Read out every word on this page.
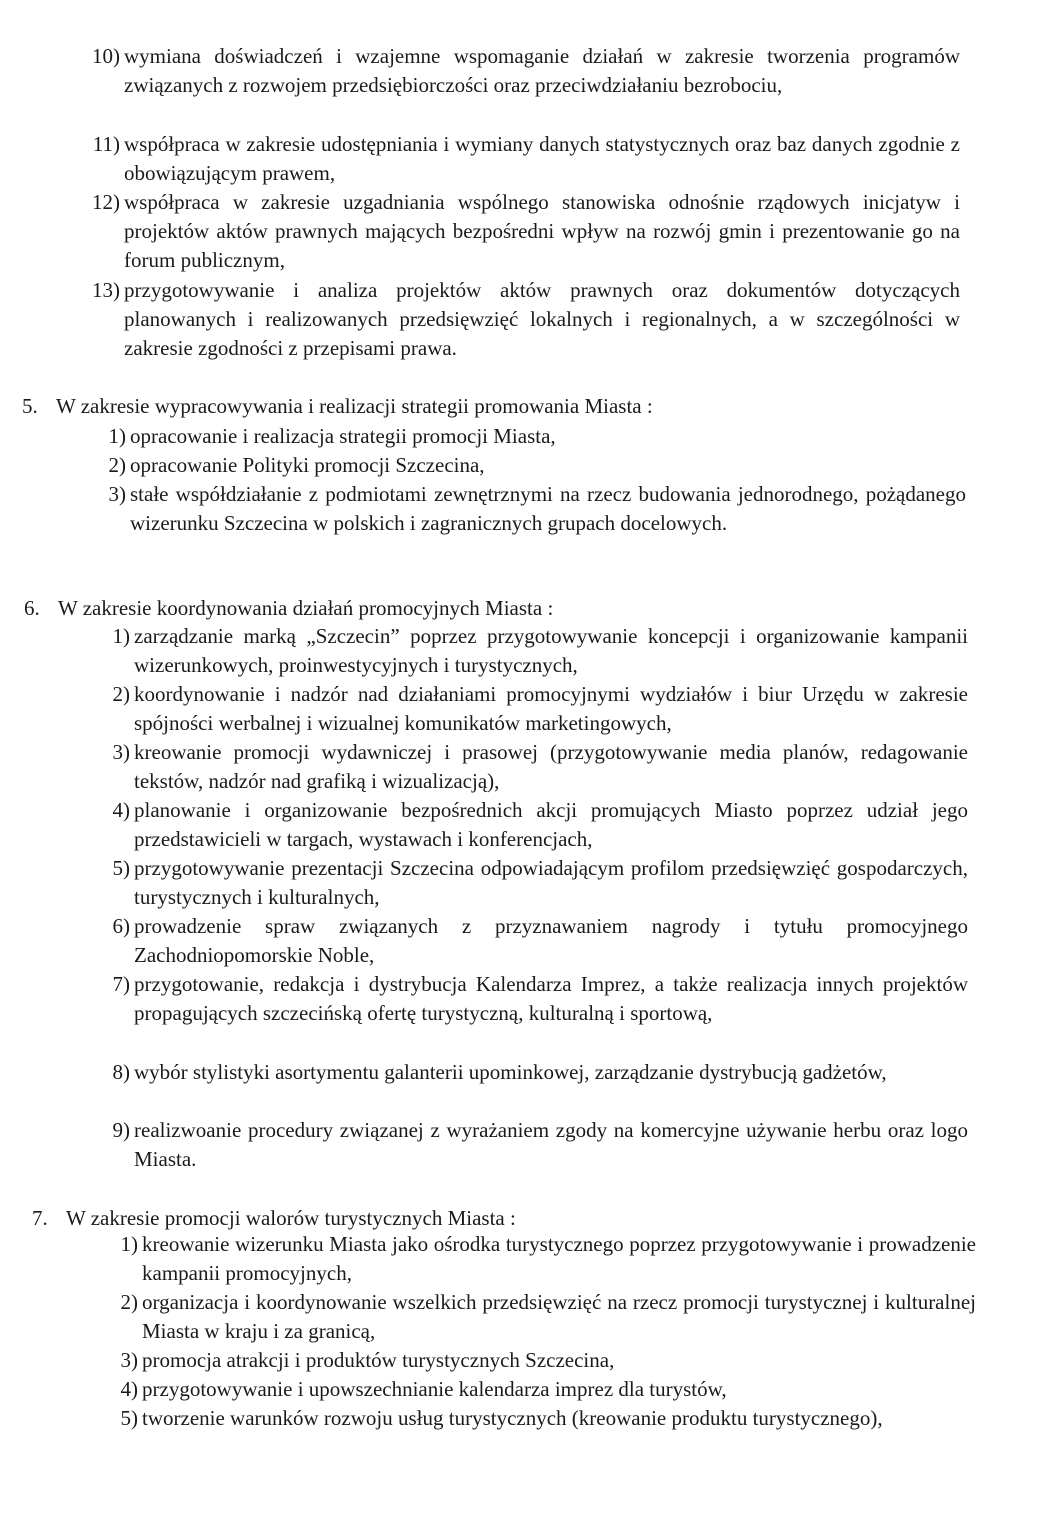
10) wymiana doświadczeń i wzajemne wspomaganie działań w zakresie tworzenia programów związanych z rozwojem przedsiębiorczości oraz przeciwdziałaniu bezrobociu,
11) współpraca w zakresie udostępniania i wymiany danych statystycznych oraz baz danych zgodnie z obowiązującym prawem,
12) współpraca w zakresie uzgadniania wspólnego stanowiska odnośnie rządowych inicjatyw i projektów aktów prawnych mających bezpośredni wpływ na rozwój gmin i prezentowanie go na forum publicznym,
13) przygotowywanie i analiza projektów aktów prawnych oraz dokumentów dotyczących planowanych i realizowanych przedsięwzięć lokalnych i regionalnych, a w szczególności w zakresie zgodności z przepisami prawa.
5. W zakresie wypracowywania i realizacji strategii promowania Miasta :
1) opracowanie i realizacja strategii promocji Miasta,
2) opracowanie Polityki promocji Szczecina,
3) stałe współdziałanie z podmiotami zewnętrznymi na rzecz budowania jednorodnego, pożądanego wizerunku Szczecina w polskich i zagranicznych grupach docelowych.
6. W zakresie koordynowania działań promocyjnych Miasta :
1) zarządzanie marką „Szczecin” poprzez przygotowywanie koncepcji i organizowanie kampanii wizerunkowych, proinwestycyjnych i turystycznych,
2) koordynowanie i nadzór nad działaniami promocyjnymi wydziałów i biur Urzędu w zakresie spójności werbalnej i wizualnej komunikatów marketingowych,
3) kreowanie promocji wydawniczej i prasowej (przygotowywanie media planów, redagowanie tekstów, nadzór nad grafiką i wizualizacją),
4) planowanie i organizowanie bezpośrednich akcji promujących Miasto poprzez udział jego przedstawicieli w targach, wystawach i konferencjach,
5) przygotowywanie prezentacji Szczecina odpowiadającym profilom przedsięwzięć gospodarczych, turystycznych i kulturalnych,
6) prowadzenie spraw związanych z przyznawaniem nagrody i tytułu promocyjnego Zachodniopomorskie Noble,
7) przygotowanie, redakcja i dystrybucja Kalendarza Imprez, a także realizacja innych projektów propagujących szczecińską ofertę turystyczną, kulturalną i sportową,
8) wybór stylistyki asortymentu galanterii upominkowej, zarządzanie dystrybucją gadżetów,
9) realizwoanie procedury związanej z wyrażaniem zgody na komercyjne używanie herbu oraz logo Miasta.
7. W zakresie promocji walorów turystycznych Miasta :
1) kreowanie wizerunku Miasta jako ośrodka turystycznego poprzez przygotowywanie i prowadzenie kampanii promocyjnych,
2) organizacja i koordynowanie wszelkich przedsięwzięć na rzecz promocji turystycznej i kulturalnej Miasta w kraju i za granicą,
3) promocja atrakcji i produktów turystycznych Szczecina,
4) przygotowywanie i upowszechnianie kalendarza imprez dla turystów,
5) tworzenie warunków rozwoju usług turystycznych (kreowanie produktu turystycznego),
